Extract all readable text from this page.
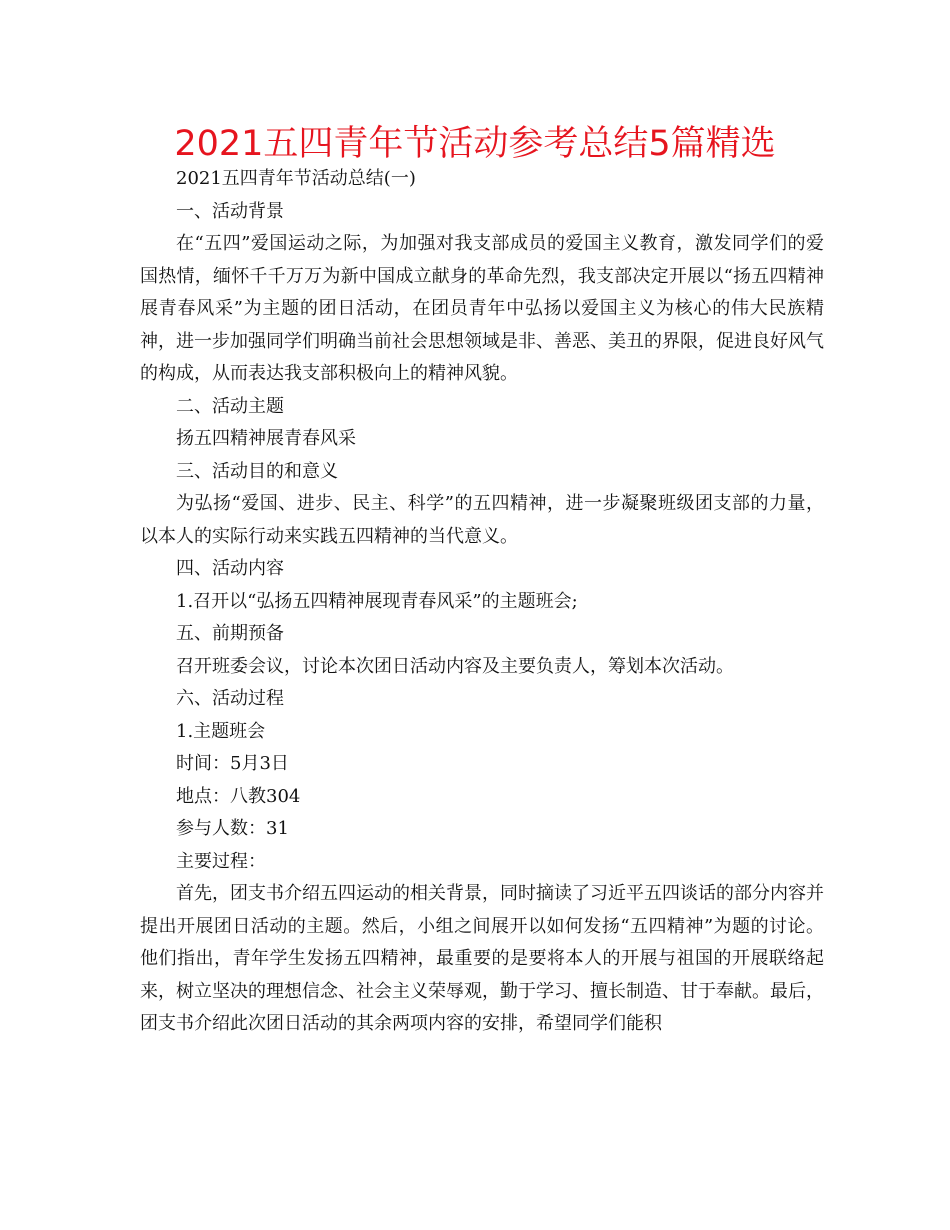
2021五四青年节活动参考总结5篇精选

2021五四青年节活动总结(一)

一、活动背景

在“五四”爱国运动之际，为加强对我支部成员的爱国主义教育，激发同学们的爱国热情，缅怀千千万万为新中国成立献身的革命先烈，我支部决定开展以“扬五四精神展青春风采”为主题的团日活动，在团员青年中弘扬以爱国主义为核心的伟大民族精神，进一步加强同学们明确当前社会思想领域是非、善恶、美丑的界限，促进良好风气的构成，从而表达我支部积极向上的精神风貌。

二、活动主题

扬五四精神展青春风采

三、活动目的和意义

为弘扬“爱国、进步、民主、科学”的五四精神，进一步凝聚班级团支部的力量，以本人的实际行动来实践五四精神的当代意义。

四、活动内容

1.召开以“弘扬五四精神展现青春风采”的主题班会;

五、前期预备

召开班委会议，讨论本次团日活动内容及主要负责人，筹划本次活动。

六、活动过程

1.主题班会

时间：5月3日

地点：八教304

参与人数：31

主要过程：

首先，团支书介绍五四运动的相关背景，同时摘读了习近平五四谈话的部分内容并提出开展团日活动的主题。然后，小组之间展开以如何发扬“五四精神”为题的讨论。他们指出，青年学生发扬五四精神，最重要的是要将本人的开展与祖国的开展联络起来，树立坚决的理想信念、社会主义荣辱观，勤于学习、擅长制造、甘于奉献。最后，团支书介绍此次团日活动的其余两项内容的安排，希望同学们能积
